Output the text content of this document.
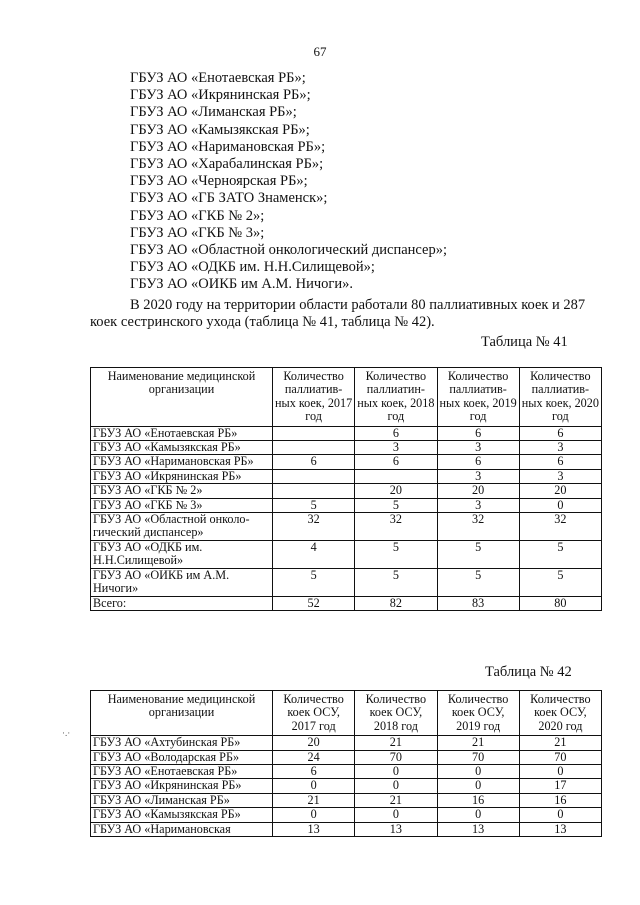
67
ГБУЗ АО «Енотаевская РБ»;
ГБУЗ АО «Икрянинская РБ»;
ГБУЗ АО «Лиманская РБ»;
ГБУЗ АО «Камызякская РБ»;
ГБУЗ АО «Наримановская РБ»;
ГБУЗ АО «Харабалинская РБ»;
ГБУЗ АО «Черноярская РБ»;
ГБУЗ АО «ГБ ЗАТО Знаменск»;
ГБУЗ АО «ГКБ № 2»;
ГБУЗ АО «ГКБ № 3»;
ГБУЗ АО «Областной онкологический диспансер»;
ГБУЗ АО «ОДКБ им. Н.Н.Силищевой»;
ГБУЗ АО «ОИКБ им А.М. Ничоги».
В 2020 году на территории области работали 80 паллиативных коек и 287
коек сестринского ухода (таблица № 41, таблица № 42).
Таблица № 41
Наименование медицинской организации	Количество паллиатив-ных коек, 2017 год	Количество паллиатин-ных коек, 2018 год	Количество паллиатив-ных коек, 2019 год	Количество паллиатив-ных коек, 2020 год
ГБУЗ АО «Енотаевская РБ»		6	6	6
ГБУЗ АО «Камызякская РБ»		3	3	3
ГБУЗ АО «Наримановская РБ»	6	6	6	6
ГБУЗ АО «Икрянинская РБ»			3	3
ГБУЗ АО «ГКБ № 2»		20	20	20
ГБУЗ АО «ГКБ № 3»	5	5	3	0
ГБУЗ АО «Областной онколо-гический диспансер»	32	32	32	32
ГБУЗ АО «ОДКБ им. Н.Н.Силищевой»	4	5	5	5
ГБУЗ АО «ОИКБ им А.М. Ничоги»	5	5	5	5
Всего:	52	82	83	80
Таблица № 42
·.·
Наименование медицинской организации	Количество коек ОСУ, 2017 год	Количество коек ОСУ, 2018 год	Количество коек ОСУ, 2019 год	Количество коек ОСУ, 2020 год
ГБУЗ АО «Ахтубинская РБ»	20	21	21	21
ГБУЗ АО «Володарская РБ»	24	70	70	70
ГБУЗ АО «Енотаевская РБ»	6	0	0	0
ГБУЗ АО «Икрянинская РБ»	0	0	0	17
ГБУЗ АО «Лиманская РБ»	21	21	16	16
ГБУЗ АО «Камызякская РБ»	0	0	0	0
ГБУЗ АО «Наримановская	13	13	13	13
